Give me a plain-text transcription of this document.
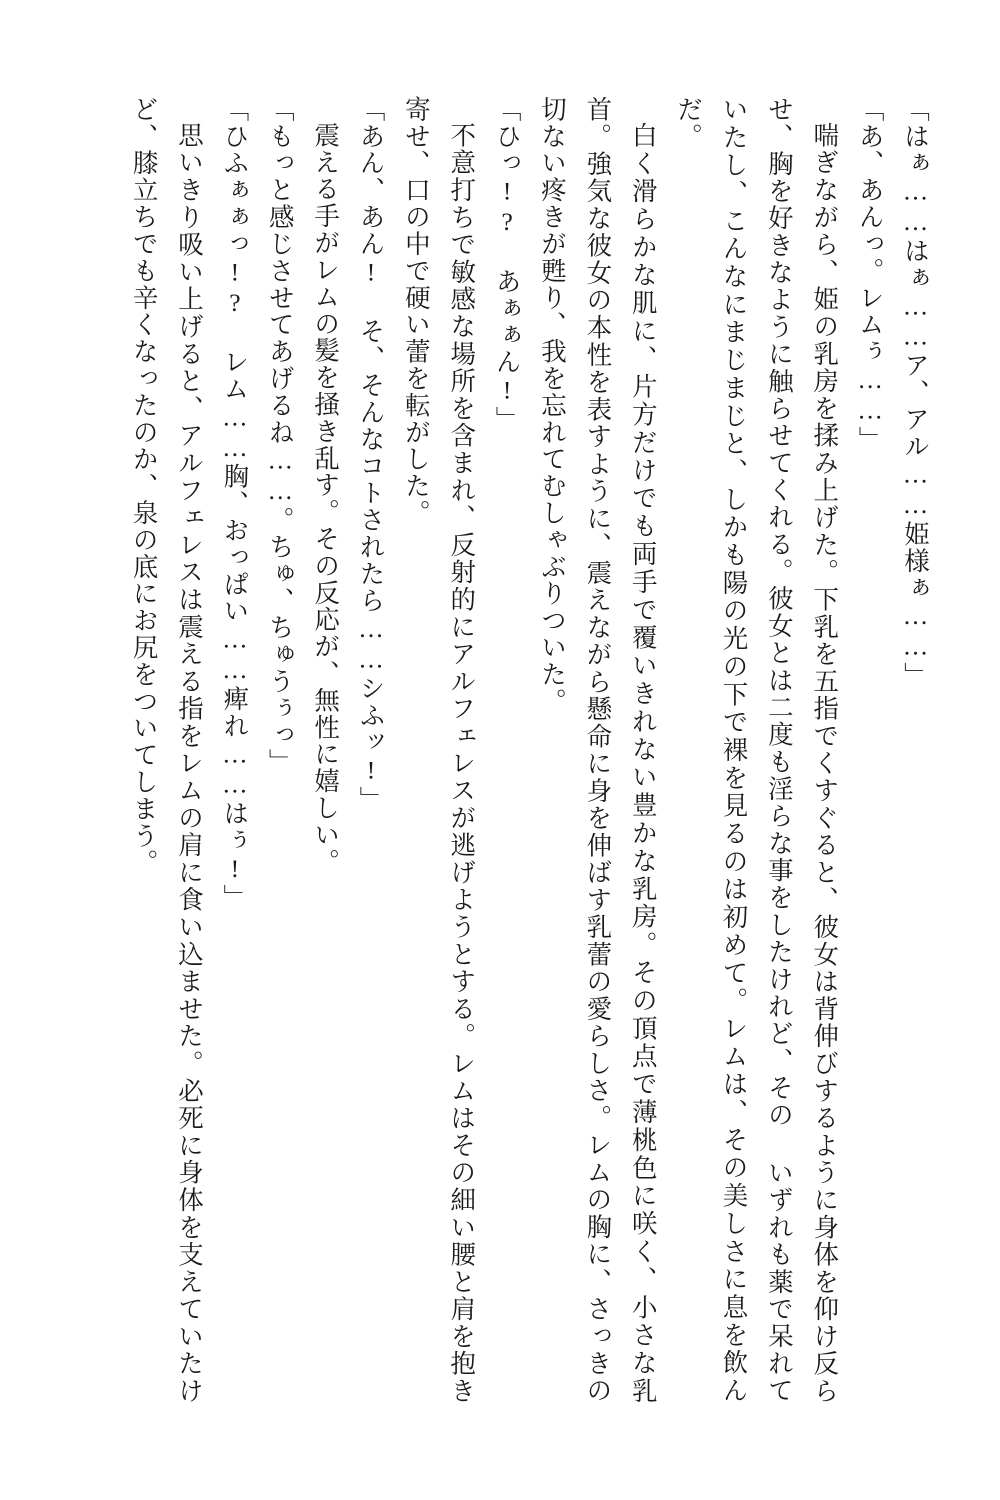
「はぁ……はぁ……ア、アル……姫様ぁ……」

「あ、あんっ。レムぅ……」

喘ぎながら、姫の乳房を揉み上げた。下乳を五指でくすぐると、彼女は背伸びするように身体を仰け反らせ、胸を好きなように触らせてくれる。彼女とは二度も淫らな事をしたけれど、その いずれも薬で呆れていたし、こんなにまじまじと、しかも陽の光の下で裸を見るのは初めて。レムは、その美しさに息を飲んだ。

白く滑らかな肌に、片方だけでも両手で覆いきれない豊かな乳房。その頂点で薄桃色に咲く、小さな乳首。強気な彼女の本性を表すように、震えながら懸命に身を伸ばす乳蕾の愛らしさ。レムの胸に、さっきの切ない疼きが甦り、我を忘れてむしゃぶりついた。

「ひっ!? あぁぁん!」

不意打ちで敏感な場所を含まれ、反射的にアルフェレスが逃げようとする。レムはその細い腰と肩を抱き寄せ、口の中で硬い蕾を転がした。

「あん、あん! そ、そんなコトされたら……シふッ!」

震える手がレムの髪を掻き乱す。その反応が、無性に嬉しい。

「もっと感じさせてあげるね……。ちゅ、ちゅうぅっ」

「ひふぁぁっ!? レム……胸、おっぱい……痺れ……はぅ!」

思いきり吸い上げると、アルフェレスは震える指をレムの肩に食い込ませた。必死に身体を支えていたけど、膝立ちでも辛くなったのか、泉の底にお尻をついてしまう。
